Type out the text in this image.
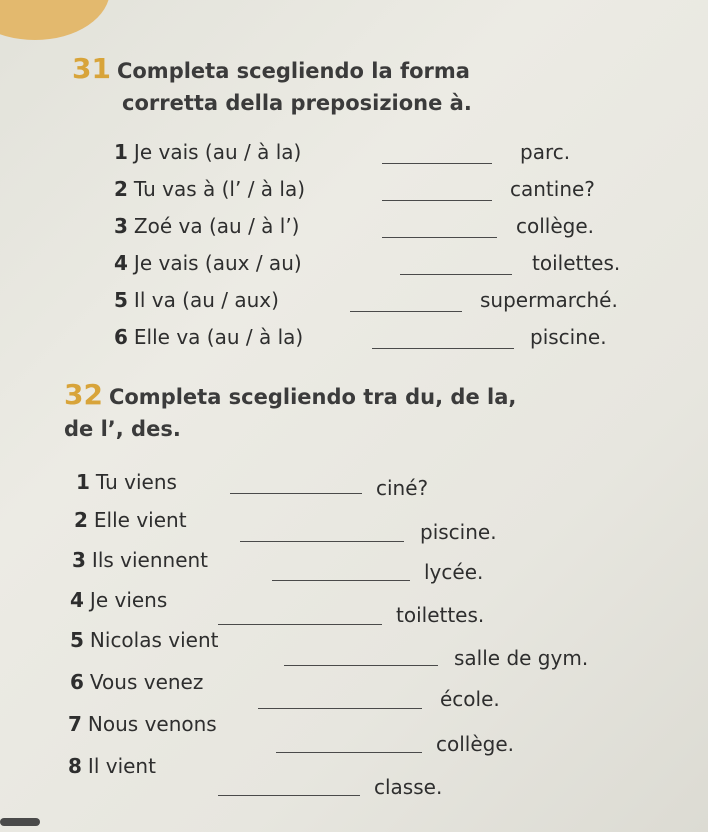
31 Completa scegliendo la forma
corretta della preposizione à.
1 Je vais (au / à la)	parc.
2 Tu vas à (l’ / à la)	cantine?
3 Zoé va (au / à l’)	collège.
4 Je vais (aux / au)	toilettes.
5 Il va (au / aux)	supermarché.
6 Elle va (au / à la)	piscine.
32 Completa scegliendo tra du, de la,
de l’, des.
1 Tu viens	ciné?
2 Elle vient	piscine.
3 Ils viennent	lycée.
4 Je viens
toilettes.
5 Nicolas vient
salle de gym.
6 Vous venez
école.
7 Nous venons
collège.
8 Il vient
classe.
